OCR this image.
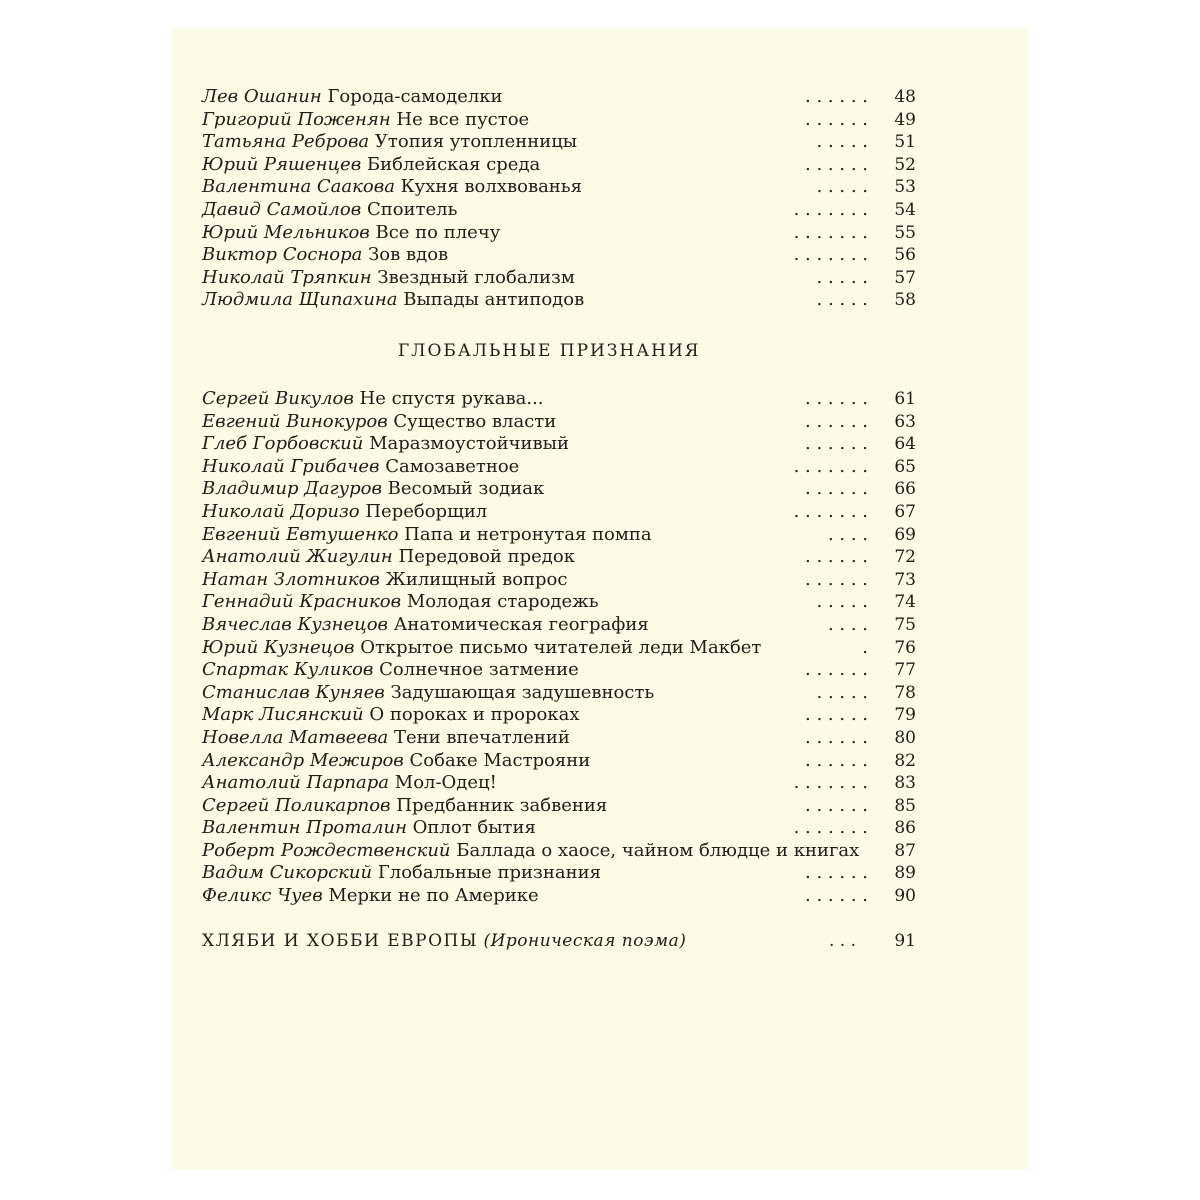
Лев Ошанин Города-самоделки	. . . . . . 48
Григорий Поженян Не все пустое	. . . . . . 49
Татьяна Реброва Утопия утопленницы	. . . . . 51
Юрий Ряшенцев Библейская среда	. . . . . . 52
Валентина Саакова Кухня волхвованья	. . . . . 53
Давид Самойлов Споитель	. . . . . . . 54
Юрий Мельников Все по плечу	. . . . . . . 55
Виктор Соснора Зов вдов	. . . . . . . 56
Николай Тряпкин Звездный глобализм	. . . . . 57
Людмила Щипахина Выпады антиподов	. . . . . 58
ГЛОБАЛЬНЫЕ ПРИЗНАНИЯ
Сергей Викулов Не спустя рукава...	. . . . . . 61
Евгений Винокуров Существо власти	. . . . . . 63
Глеб Горбовский Маразмоустойчивый	. . . . . . 64
Николай Грибачев Самозаветное	. . . . . . . 65
Владимир Дагуров Весомый зодиак	. . . . . . 66
Николай Доризо Переборщил	. . . . . . . 67
Евгений Евтушенко Папа и нетронутая помпа	. . . . 69
Анатолий Жигулин Передовой предок	. . . . . . 72
Натан Злотников Жилищный вопрос	. . . . . . 73
Геннадий Красников Молодая стародежь	. . . . . 74
Вячеслав Кузнецов Анатомическая география	. . . . 75
Юрий Кузнецов Открытое письмо читателей леди Макбет	. 76
Спартак Куликов Солнечное затмение	. . . . . . 77
Станислав Куняев Задушающая задушевность	. . . . . 78
Марк Лисянский О пороках и пророках	. . . . . . 79
Новелла Матвеева Тени впечатлений	. . . . . . 80
Александр Межиров Собаке Мастрояни	. . . . . . 82
Анатолий Парпара Мол-Одец!	. . . . . . . 83
Сергей Поликарпов Предбанник забвения	. . . . . . 85
Валентин Проталин Оплот бытия	. . . . . . . 86
Роберт Рождественский Баллада о хаосе, чайном блюдце и книгах 87
Вадим Сикорский Глобальные признания	. . . . . . 89
Феликс Чуев Мерки не по Америке	. . . . . . 90
ХЛЯБИ И ХОББИ ЕВРОПЫ (Ироническая поэма)	. . . 91
